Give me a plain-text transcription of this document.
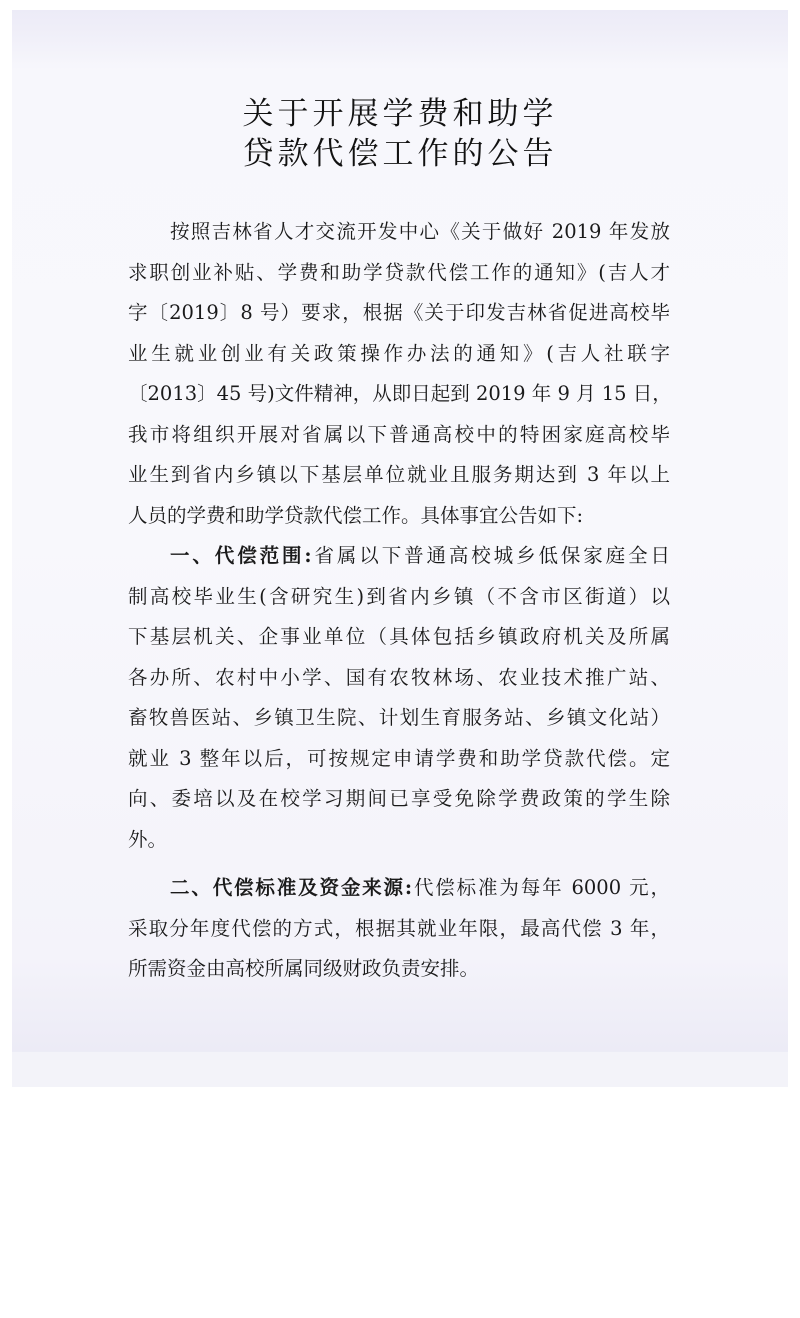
关于开展学费和助学
贷款代偿工作的公告
按照吉林省人才交流开发中心《关于做好 2019 年发放
求职创业补贴、学费和助学贷款代偿工作的通知》(吉人才
字〔2019〕8 号）要求，根据《关于印发吉林省促进高校毕
业生就业创业有关政策操作办法的通知》(吉人社联字
〔2013〕45 号)文件精神，从即日起到 2019 年 9 月 15 日，
我市将组织开展对省属以下普通高校中的特困家庭高校毕
业生到省内乡镇以下基层单位就业且服务期达到 3 年以上
人员的学费和助学贷款代偿工作。具体事宜公告如下:
一、代偿范围:省属以下普通高校城乡低保家庭全日
制高校毕业生(含研究生)到省内乡镇（不含市区街道）以
下基层机关、企事业单位（具体包括乡镇政府机关及所属
各办所、农村中小学、国有农牧林场、农业技术推广站、
畜牧兽医站、乡镇卫生院、计划生育服务站、乡镇文化站）
就业 3 整年以后，可按规定申请学费和助学贷款代偿。定
向、委培以及在校学习期间已享受免除学费政策的学生除
外。
二、代偿标准及资金来源:代偿标准为每年 6000 元，
采取分年度代偿的方式，根据其就业年限，最高代偿 3 年，
所需资金由高校所属同级财政负责安排。
